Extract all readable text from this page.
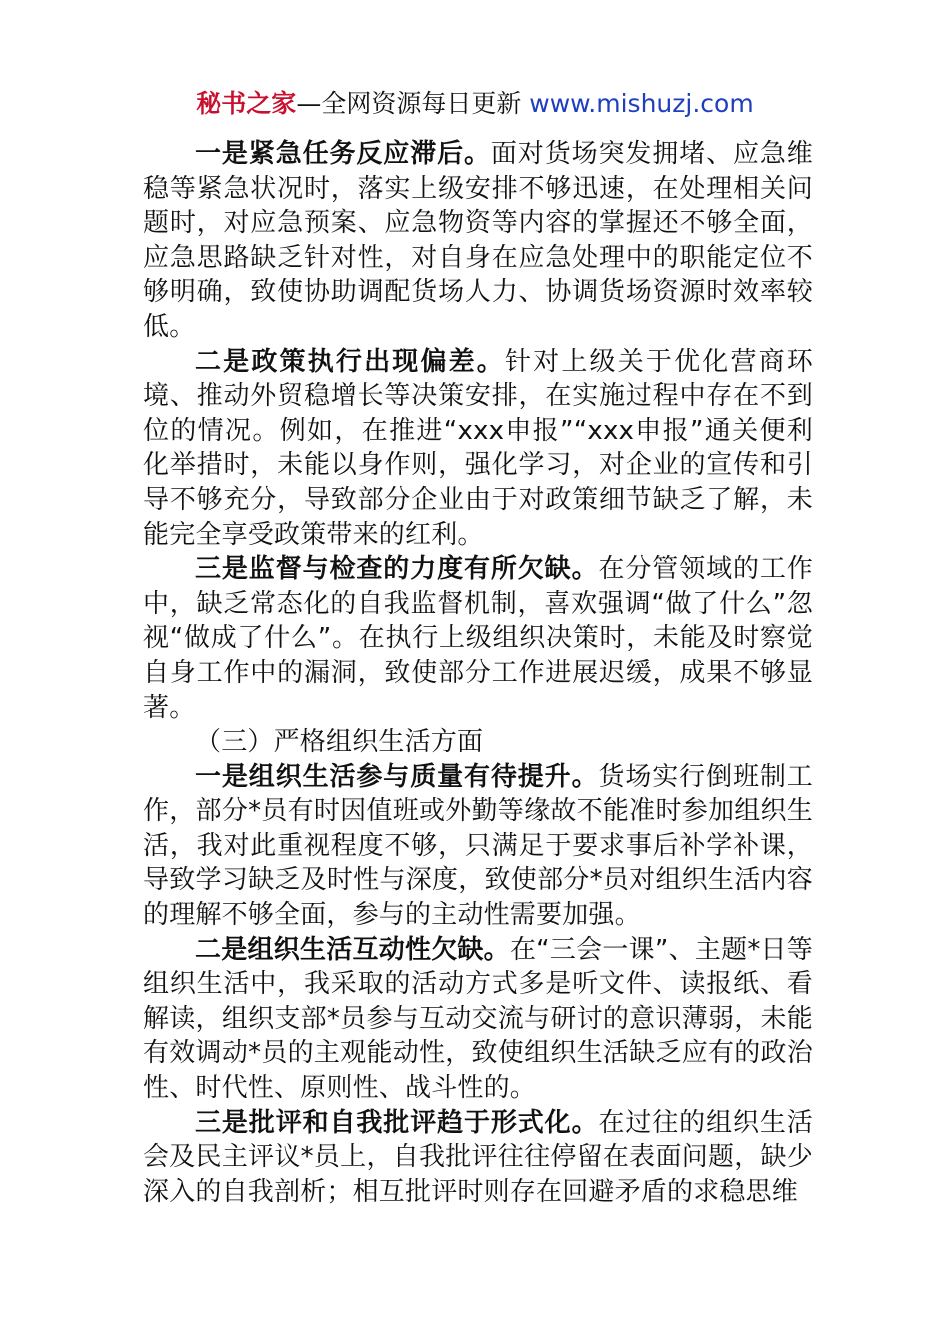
秘书之家—全网资源每日更新 www.mishuzj.com

一是紧急任务反应滞后。面对货场突发拥堵、应急维稳等紧急状况时，落实上级安排不够迅速，在处理相关问题时，对应急预案、应急物资等内容的掌握还不够全面，应急思路缺乏针对性，对自身在应急处理中的职能定位不够明确，致使协助调配货场人力、协调货场资源时效率较低。

二是政策执行出现偏差。针对上级关于优化营商环境、推动外贸稳增长等决策安排，在实施过程中存在不到位的情况。例如，在推进“xxx申报”“xxx申报”通关便利化举措时，未能以身作则，强化学习，对企业的宣传和引导不够充分，导致部分企业由于对政策细节缺乏了解，未能完全享受政策带来的红利。

三是监督与检查的力度有所欠缺。在分管领域的工作中，缺乏常态化的自我监督机制，喜欢强调“做了什么”忽视“做成了什么”。在执行上级组织决策时，未能及时察觉自身工作中的漏洞，致使部分工作进展迟缓，成果不够显著。

（三）严格组织生活方面

一是组织生活参与质量有待提升。货场实行倒班制工作，部分*员有时因值班或外勤等缘故不能准时参加组织生活，我对此重视程度不够，只满足于要求事后补学补课，导致学习缺乏及时性与深度，致使部分*员对组织生活内容的理解不够全面，参与的主动性需要加强。

二是组织生活互动性欠缺。在“三会一课”、主题*日等组织生活中，我采取的活动方式多是听文件、读报纸、看解读，组织支部*员参与互动交流与研讨的意识薄弱，未能有效调动*员的主观能动性，致使组织生活缺乏应有的政治性、时代性、原则性、战斗性的。

三是批评和自我批评趋于形式化。在过往的组织生活会及民主评议*员上，自我批评往往停留在表面问题，缺少深入的自我剖析；相互批评时则存在回避矛盾的求稳思维
